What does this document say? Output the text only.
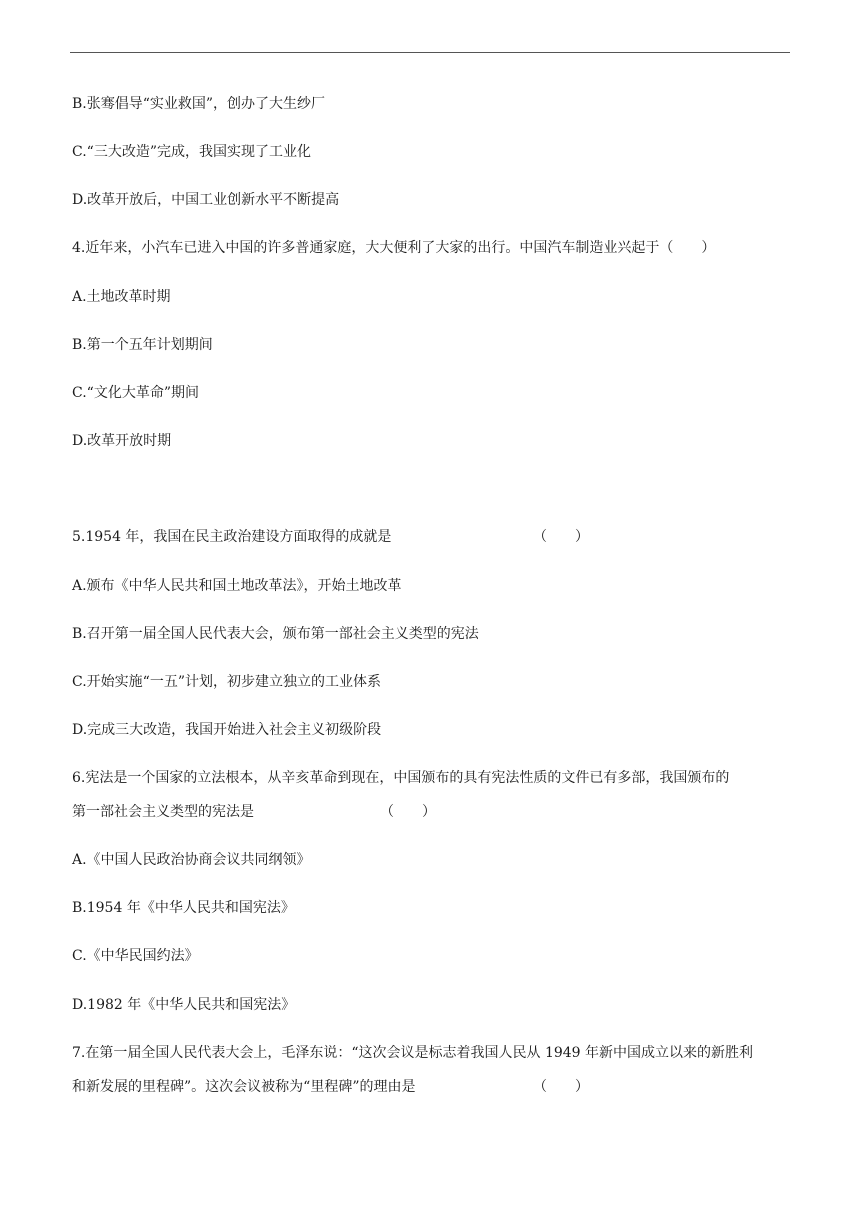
B.张骞倡导“实业救国”，创办了大生纱厂
C.“三大改造”完成，我国实现了工业化
D.改革开放后，中国工业创新水平不断提高
4.近年来，小汽车已进入中国的许多普通家庭，大大便利了大家的出行。中国汽车制造业兴起于（　　）
A.土地改革时期
B.第一个五年计划期间
C.“文化大革命”期间
D.改革开放时期
5.1954 年，我国在民主政治建设方面取得的成就是	（　　）
A.颁布《中华人民共和国土地改革法》，开始土地改革
B.召开第一届全国人民代表大会，颁布第一部社会主义类型的宪法
C.开始实施“一五”计划，初步建立独立的工业体系
D.完成三大改造，我国开始进入社会主义初级阶段
6.宪法是一个国家的立法根本，从辛亥革命到现在，中国颁布的具有宪法性质的文件已有多部，我国颁布的
第一部社会主义类型的宪法是	（　　）
A.《中国人民政治协商会议共同纲领》
B.1954 年《中华人民共和国宪法》
C.《中华民国约法》
D.1982 年《中华人民共和国宪法》
7.在第一届全国人民代表大会上，毛泽东说：“这次会议是标志着我国人民从 1949 年新中国成立以来的新胜利
和新发展的里程碑”。这次会议被称为“里程碑”的理由是	（　　）
